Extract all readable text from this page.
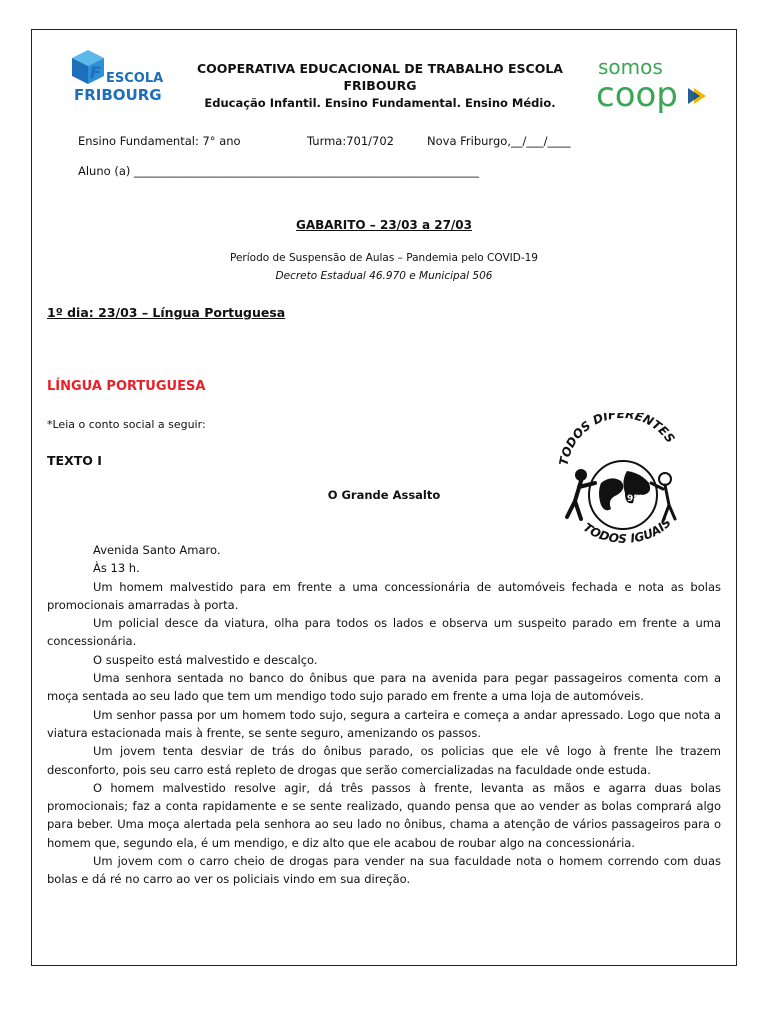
F ESCOLA
FRIBOURG
COOPERATIVA EDUCACIONAL DE TRABALHO ESCOLA FRIBOURG
Educação Infantil. Ensino Fundamental. Ensino Médio.
somos
coop
Ensino Fundamental: 7° ano	Turma:701/702	Nova Friburgo,__/___/____
Aluno (a) ____________________________________________________________
GABARITO – 23/03 a 27/03
Período de Suspensão de Aulas – Pandemia pelo COVID-19
Decreto Estadual 46.970 e Municipal 506
1º dia: 23/03 – Língua Portuguesa
LÍNGUA PORTUGUESA
*Leia o conto social a seguir:
TEXTO I
O Grande Assalto
TODOS DIFERENTES
98
TODOS IGUAIS

Avenida Santo Amaro.

Às 13 h.

Um homem malvestido para em frente a uma concessionária de automóveis fechada e nota as bolas promocionais amarradas à porta.

Um policial desce da viatura, olha para todos os lados e observa um suspeito parado em frente a uma concessionária.

O suspeito está malvestido e descalço.

Uma senhora sentada no banco do ônibus que para na avenida para pegar passageiros comenta com a moça sentada ao seu lado que tem um mendigo todo sujo parado em frente a uma loja de automóveis.

Um senhor passa por um homem todo sujo, segura a carteira e começa a andar apressado. Logo que nota a viatura estacionada mais à frente, se sente seguro, amenizando os passos.

Um jovem tenta desviar de trás do ônibus parado, os policias que ele vê logo à frente lhe trazem desconforto, pois seu carro está repleto de drogas que serão comercializadas na faculdade onde estuda.

O homem malvestido resolve agir, dá três passos à frente, levanta as mãos e agarra duas bolas promocionais; faz a conta rapidamente e se sente realizado, quando pensa que ao vender as bolas comprará algo para beber. Uma moça alertada pela senhora ao seu lado no ônibus, chama a atenção de vários passageiros para o homem que, segundo ela, é um mendigo, e diz alto que ele acabou de roubar algo na concessionária.

Um jovem com o carro cheio de drogas para vender na sua faculdade nota o homem correndo com duas bolas e dá ré no carro ao ver os policiais vindo em sua direção.
